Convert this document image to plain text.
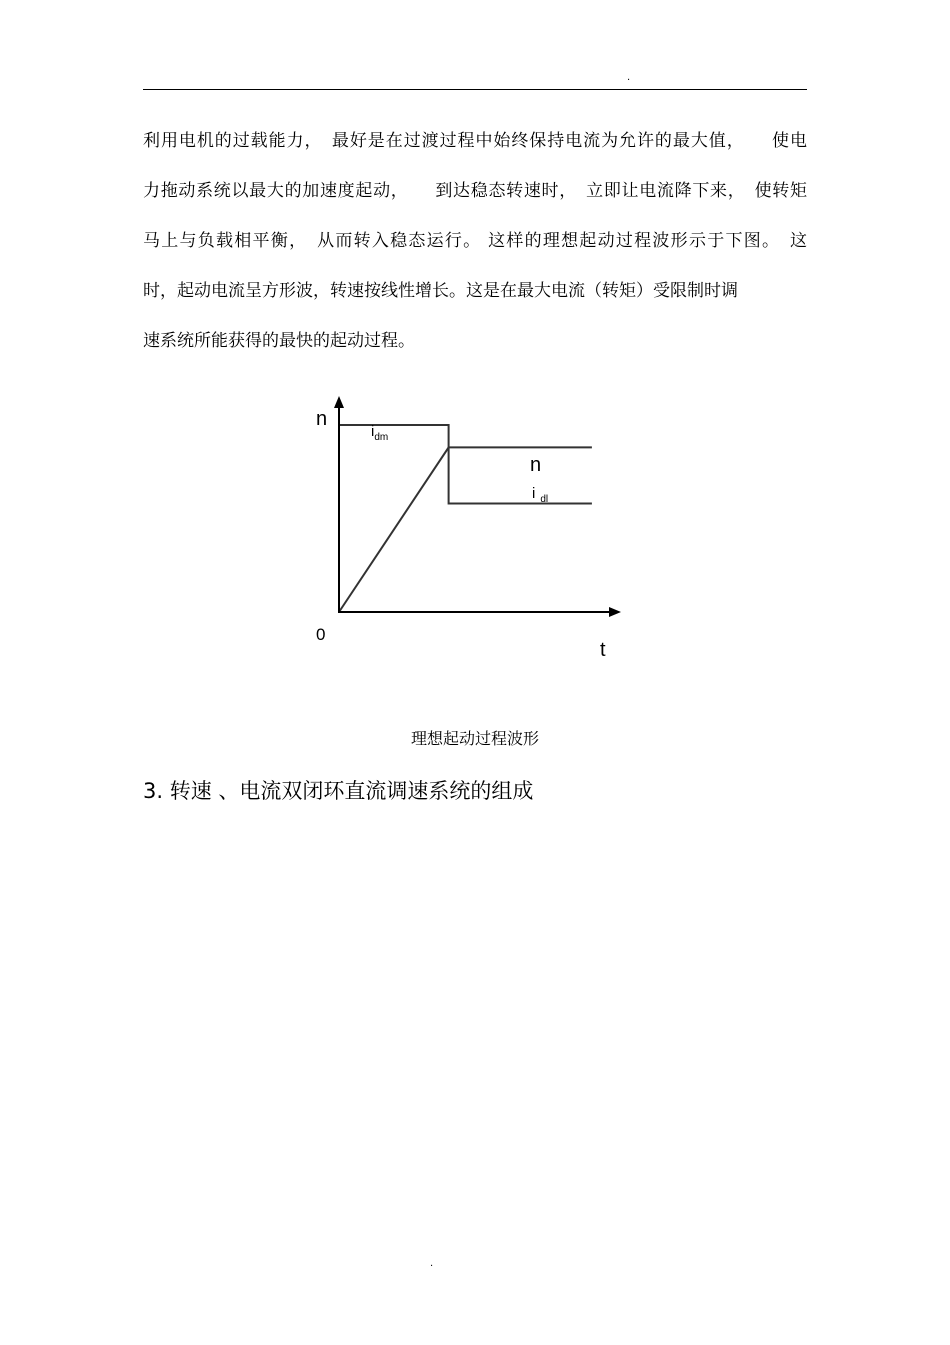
.
利用电机的过载能力，　最好是在过渡过程中始终保持电流为允许的最大值，　　使电
力拖动系统以最大的加速度起动，　　到达稳态转速时，　立即让电流降下来，　使转矩
马上与负载相平衡，　从而转入稳态运行。 这样的理想起动过程波形示于下图。　这
时，起动电流呈方形波，转速按线性增长。这是在最大电流（转矩）受限制时调
速系统所能获得的最快的起动过程。
n
t
0
n
$i_{dm}$
i $_{dl}$
理想起动过程波形
3. 转速 、电流双闭环直流调速系统的组成
.
